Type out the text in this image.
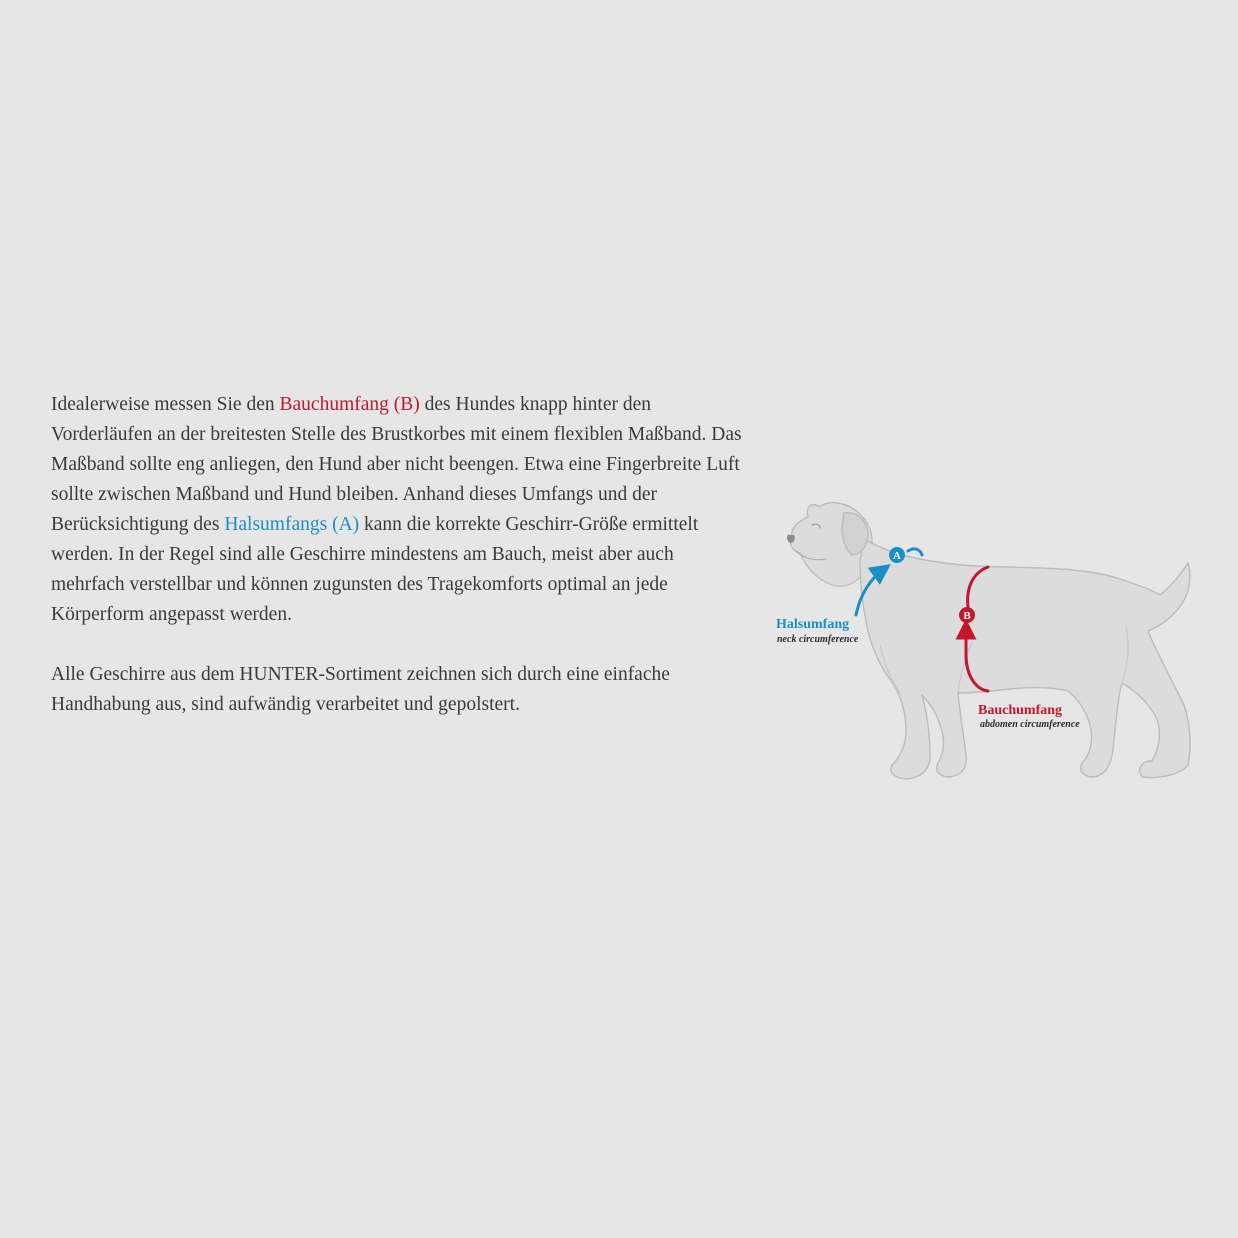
Idealerweise messen Sie den Bauchumfang (B) des Hundes knapp hinter den Vorderläufen an der breitesten Stelle des Brustkorbes mit einem flexiblen Maßband. Das Maßband sollte eng anliegen, den Hund aber nicht beengen. Etwa eine Fingerbreite Luft sollte zwischen Maßband und Hund bleiben. Anhand dieses Umfangs und der Berücksichtigung des Halsumfangs (A) kann die korrekte Geschirr-Größe ermittelt werden. In der Regel sind alle Geschirre mindestens am Bauch, meist aber auch mehrfach verstellbar und können zugunsten des Tragekomforts optimal an jede Körperform angepasst werden.

Alle Geschirre aus dem HUNTER-Sortiment zeichnen sich durch eine einfache Handhabung aus, sind aufwändig verarbeitet und gepolstert.

A
B
Halsumfang
neck circumference
Bauchumfang
abdomen circumference
